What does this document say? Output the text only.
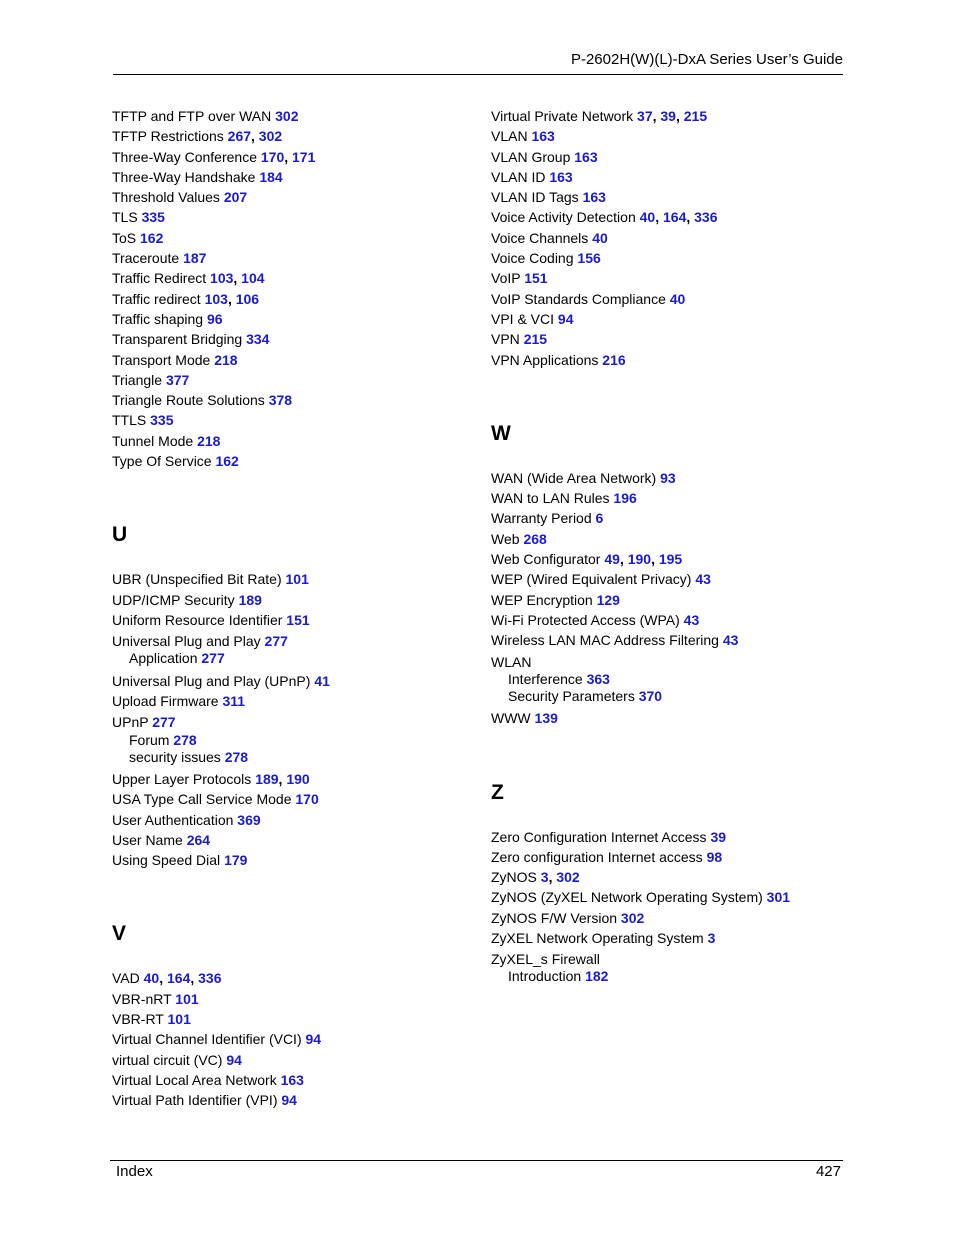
P-2602H(W)(L)-DxA Series User’s Guide
TFTP and FTP over WAN 302
TFTP Restrictions 267, 302
Three-Way Conference 170, 171
Three-Way Handshake 184
Threshold Values 207
TLS 335
ToS 162
Traceroute 187
Traffic Redirect 103, 104
Traffic redirect 103, 106
Traffic shaping 96
Transparent Bridging 334
Transport Mode 218
Triangle 377
Triangle Route Solutions 378
TTLS 335
Tunnel Mode 218
Type Of Service 162
U
UBR (Unspecified Bit Rate) 101
UDP/ICMP Security 189
Uniform Resource Identifier 151
Universal Plug and Play 277
Application 277
Universal Plug and Play (UPnP) 41
Upload Firmware 311
UPnP 277
Forum 278
security issues 278
Upper Layer Protocols 189, 190
USA Type Call Service Mode 170
User Authentication 369
User Name 264
Using Speed Dial 179
V
VAD 40, 164, 336
VBR-nRT 101
VBR-RT 101
Virtual Channel Identifier (VCI) 94
virtual circuit (VC) 94
Virtual Local Area Network 163
Virtual Path Identifier (VPI) 94
Virtual Private Network 37, 39, 215
VLAN 163
VLAN Group 163
VLAN ID 163
VLAN ID Tags 163
Voice Activity Detection 40, 164, 336
Voice Channels 40
Voice Coding 156
VoIP 151
VoIP Standards Compliance 40
VPI & VCI 94
VPN 215
VPN Applications 216
W
WAN (Wide Area Network) 93
WAN to LAN Rules 196
Warranty Period 6
Web 268
Web Configurator 49, 190, 195
WEP (Wired Equivalent Privacy) 43
WEP Encryption 129
Wi-Fi Protected Access (WPA) 43
Wireless LAN MAC Address Filtering 43
WLAN
Interference 363
Security Parameters 370
WWW 139
Z
Zero Configuration Internet Access 39
Zero configuration Internet access 98
ZyNOS 3, 302
ZyNOS (ZyXEL Network Operating System) 301
ZyNOS F/W Version 302
ZyXEL Network Operating System 3
ZyXEL_s Firewall
Introduction 182
Index	427
